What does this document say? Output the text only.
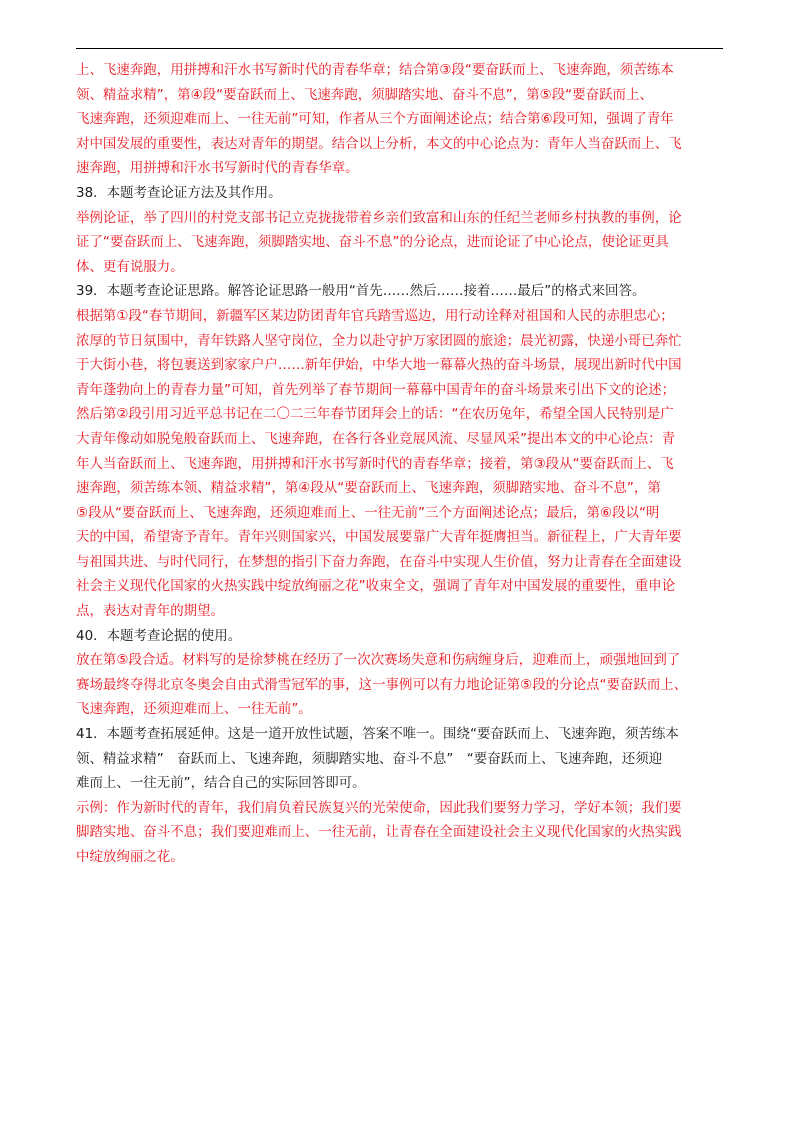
上、飞速奔跑，用拼搏和汗水书写新时代的青春华章；结合第③段“要奋跃而上、飞速奔跑，须苦练本
领、精益求精”，第④段“要奋跃而上、飞速奔跑，须脚踏实地、奋斗不息”，第⑤段“要奋跃而上、
飞速奔跑，还须迎难而上、一往无前”可知，作者从三个方面阐述论点；结合第⑥段可知，强调了青年
对中国发展的重要性，表达对青年的期望。结合以上分析，本文的中心论点为：青年人当奋跃而上、飞
速奔跑，用拼搏和汗水书写新时代的青春华章。
38．本题考查论证方法及其作用。
举例论证，举了四川的村党支部书记立克拢拢带着乡亲们致富和山东的任纪兰老师乡村执教的事例，论
证了“要奋跃而上、飞速奔跑，须脚踏实地、奋斗不息”的分论点，进而论证了中心论点，使论证更具
体、更有说服力。
39．本题考查论证思路。解答论证思路一般用“首先……然后……接着……最后”的格式来回答。
根据第①段“春节期间，新疆军区某边防团青年官兵踏雪巡边，用行动诠释对祖国和人民的赤胆忠心；
浓厚的节日氛围中，青年铁路人坚守岗位，全力以赴守护万家团圆的旅途；晨光初露，快递小哥已奔忙
于大街小巷，将包裹送到家家户户……新年伊始，中华大地一幕幕火热的奋斗场景，展现出新时代中国
青年蓬勃向上的青春力量”可知，首先列举了春节期间一幕幕中国青年的奋斗场景来引出下文的论述；
然后第②段引用习近平总书记在二〇二三年春节团拜会上的话：“在农历兔年，希望全国人民特别是广
大青年像动如脱兔般奋跃而上、飞速奔跑，在各行各业竞展风流、尽显风采”提出本文的中心论点：青
年人当奋跃而上、飞速奔跑，用拼搏和汗水书写新时代的青春华章；接着，第③段从“要奋跃而上、飞
速奔跑，须苦练本领、精益求精”，第④段从“要奋跃而上、飞速奔跑，须脚踏实地、奋斗不息”，第
⑤段从“要奋跃而上、飞速奔跑，还须迎难而上、一往无前”三个方面阐述论点；最后，第⑥段以“明
天的中国，希望寄予青年。青年兴则国家兴，中国发展要靠广大青年挺膺担当。新征程上，广大青年要
与祖国共进、与时代同行，在梦想的指引下奋力奔跑，在奋斗中实现人生价值，努力让青春在全面建设
社会主义现代化国家的火热实践中绽放绚丽之花”收束全文，强调了青年对中国发展的重要性，重申论
点，表达对青年的期望。
40．本题考查论据的使用。
放在第⑤段合适。材料写的是徐梦桃在经历了一次次赛场失意和伤病缠身后，迎难而上，顽强地回到了
赛场最终夺得北京冬奥会自由式滑雪冠军的事，这一事例可以有力地论证第⑤段的分论点“要奋跃而上、
飞速奔跑，还须迎难而上、一往无前”。
41．本题考查拓展延伸。这是一道开放性试题，答案不唯一。围绕“要奋跃而上、飞速奔跑，须苦练本
领、精益求精”　奋跃而上、飞速奔跑，须脚踏实地、奋斗不息”　“要奋跃而上、飞速奔跑，还须迎
难而上、一往无前”，结合自己的实际回答即可。
示例：作为新时代的青年，我们肩负着民族复兴的光荣使命，因此我们要努力学习，学好本领；我们要
脚踏实地、奋斗不息；我们要迎难而上、一往无前，让青春在全面建设社会主义现代化国家的火热实践
中绽放绚丽之花。
